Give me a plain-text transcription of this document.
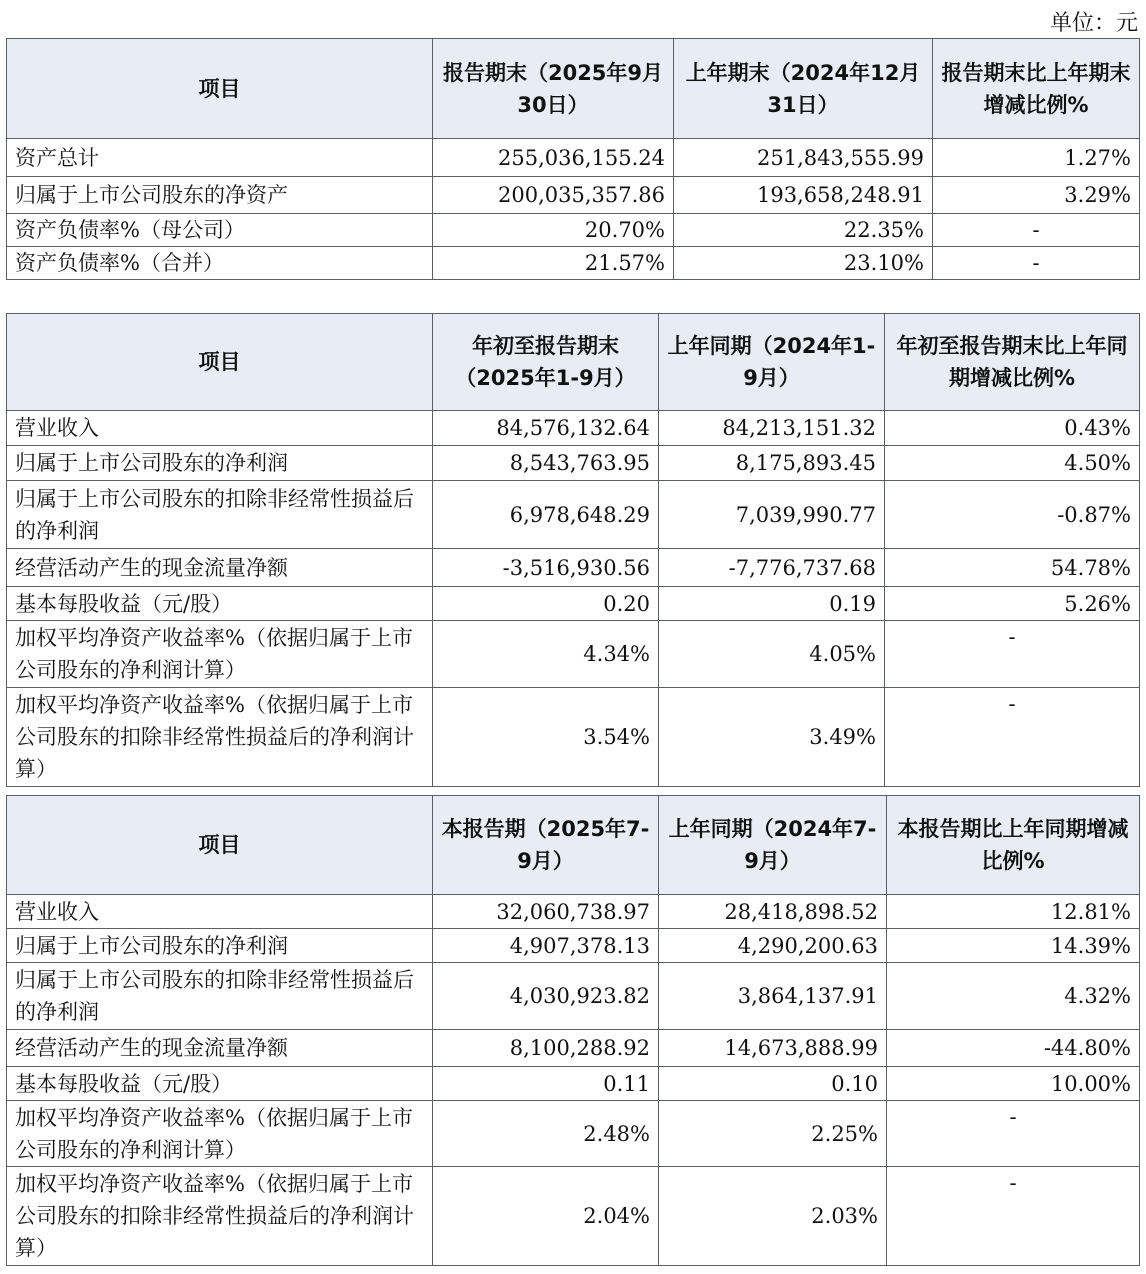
单位：元
项目	报告期末（2025年9月30日）	上年期末（2024年12月31日）	报告期末比上年期末增减比例%
资产总计	255,036,155.24	251,843,555.99	1.27%
归属于上市公司股东的净资产	200,035,357.86	193,658,248.91	3.29%
资产负债率%（母公司）	20.70%	22.35%	-
资产负债率%（合并）	21.57%	23.10%	-
项目	年初至报告期末（2025年1-9月）	上年同期（2024年1-9月）	年初至报告期末比上年同期增减比例%
营业收入	84,576,132.64	84,213,151.32	0.43%
归属于上市公司股东的净利润	8,543,763.95	8,175,893.45	4.50%
归属于上市公司股东的扣除非经常性损益后的净利润	6,978,648.29	7,039,990.77	-0.87%
经营活动产生的现金流量净额	-3,516,930.56	-7,776,737.68	54.78%
基本每股收益（元/股）	0.20	0.19	5.26%
加权平均净资产收益率%（依据归属于上市公司股东的净利润计算）	4.34%	4.05%	-
加权平均净资产收益率%（依据归属于上市公司股东的扣除非经常性损益后的净利润计算）	3.54%	3.49%	-
项目	本报告期（2025年7-9月）	上年同期（2024年7-9月）	本报告期比上年同期增减比例%
营业收入	32,060,738.97	28,418,898.52	12.81%
归属于上市公司股东的净利润	4,907,378.13	4,290,200.63	14.39%
归属于上市公司股东的扣除非经常性损益后的净利润	4,030,923.82	3,864,137.91	4.32%
经营活动产生的现金流量净额	8,100,288.92	14,673,888.99	-44.80%
基本每股收益（元/股）	0.11	0.10	10.00%
加权平均净资产收益率%（依据归属于上市公司股东的净利润计算）	2.48%	2.25%	-
加权平均净资产收益率%（依据归属于上市公司股东的扣除非经常性损益后的净利润计算）	2.04%	2.03%	-
